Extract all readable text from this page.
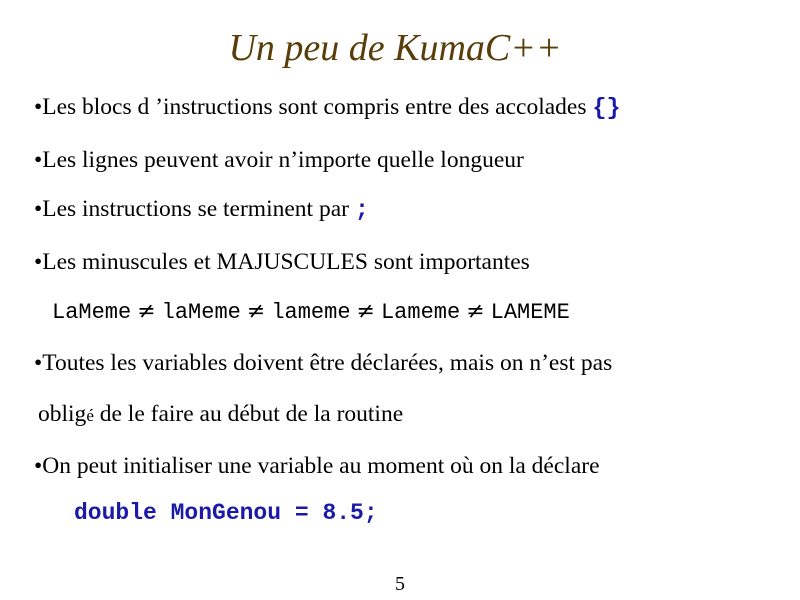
Un peu de KumaC++
•Les blocs d ’instructions sont compris entre des accolades {}
•Les lignes peuvent avoir n’importe quelle longueur
•Les instructions se terminent par ;
•Les minuscules et MAJUSCULES sont importantes
LaMeme ≠ laMeme ≠ lameme ≠ Lameme ≠ LAMEME
•Toutes les variables doivent être déclarées, mais on n’est pas
obligé de le faire au début de la routine
•On peut initialiser une variable au moment où on la déclare
double MonGenou = 8.5;
5
